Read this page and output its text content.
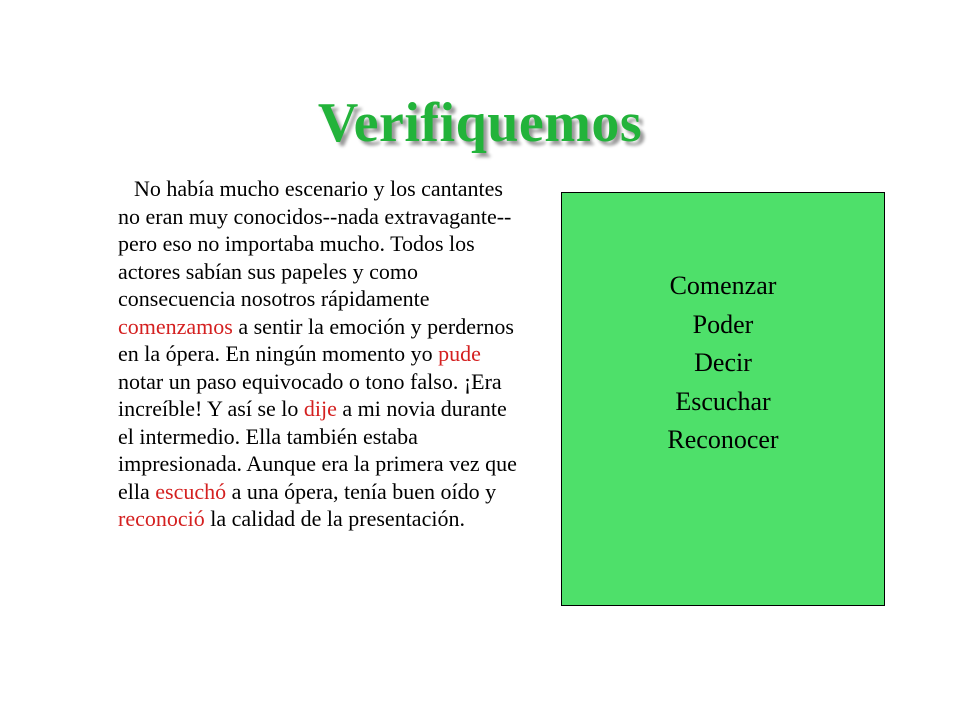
Verifiquemos
No había mucho escenario y los cantantes no eran muy conocidos--nada extravagante--pero eso no importaba mucho. Todos los actores sabían sus papeles y como consecuencia nosotros rápidamente comenzamos a sentir la emoción y perdernos en la ópera. En ningún momento yo pude notar un paso equivocado o tono falso. ¡Era increíble! Y así se lo dije a mi novia durante el intermedio. Ella también estaba impresionada. Aunque era la primera vez que ella escuchó a una ópera, tenía buen oído y reconoció la calidad de la presentación.
Comenzar
Poder
Decir
Escuchar
Reconocer
